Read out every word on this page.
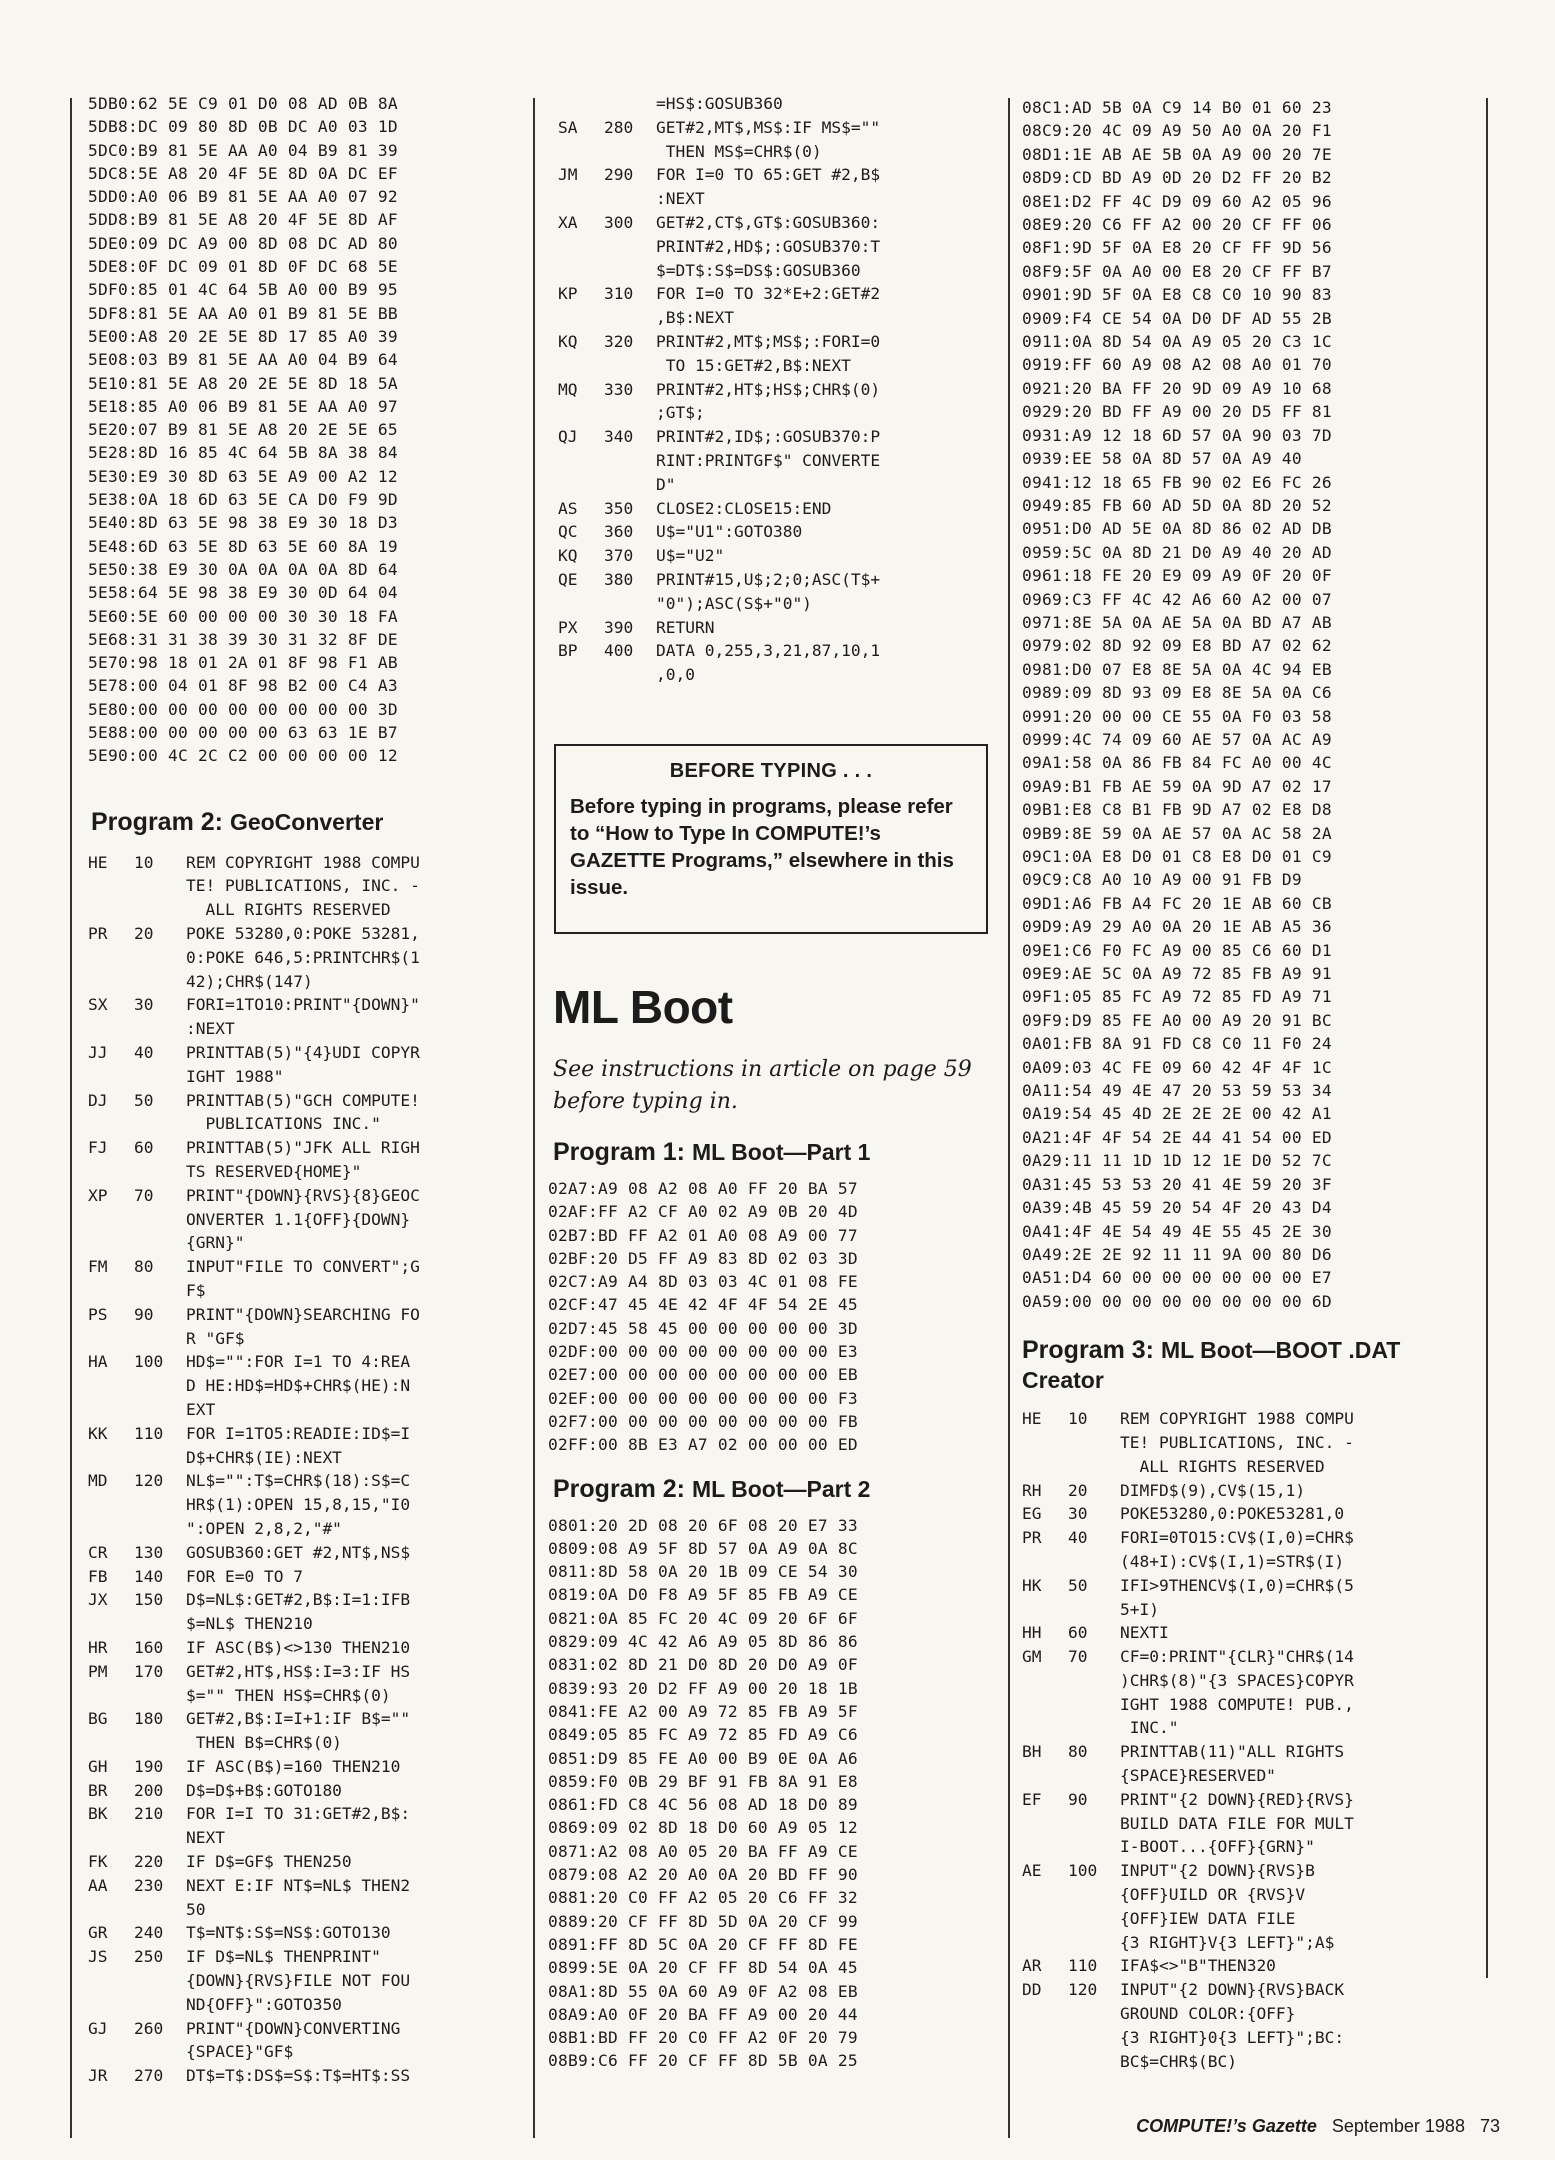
5DB0:62 5E C9 01 D0 08 AD 0B 8A
5DB8:DC 09 80 8D 0B DC A0 03 1D
5DC0:B9 81 5E AA A0 04 B9 81 39
5DC8:5E A8 20 4F 5E 8D 0A DC EF
5DD0:A0 06 B9 81 5E AA A0 07 92
5DD8:B9 81 5E A8 20 4F 5E 8D AF
5DE0:09 DC A9 00 8D 08 DC AD 80
5DE8:0F DC 09 01 8D 0F DC 68 5E
5DF0:85 01 4C 64 5B A0 00 B9 95
5DF8:81 5E AA A0 01 B9 81 5E BB
5E00:A8 20 2E 5E 8D 17 85 A0 39
5E08:03 B9 81 5E AA A0 04 B9 64
5E10:81 5E A8 20 2E 5E 8D 18 5A
5E18:85 A0 06 B9 81 5E AA A0 97
5E20:07 B9 81 5E A8 20 2E 5E 65
5E28:8D 16 85 4C 64 5B 8A 38 84
5E30:E9 30 8D 63 5E A9 00 A2 12
5E38:0A 18 6D 63 5E CA D0 F9 9D
5E40:8D 63 5E 98 38 E9 30 18 D3
5E48:6D 63 5E 8D 63 5E 60 8A 19
5E50:38 E9 30 0A 0A 0A 0A 8D 64
5E58:64 5E 98 38 E9 30 0D 64 04
5E60:5E 60 00 00 00 30 30 18 FA
5E68:31 31 38 39 30 31 32 8F DE
5E70:98 18 01 2A 01 8F 98 F1 AB
5E78:00 04 01 8F 98 B2 00 C4 A3
5E80:00 00 00 00 00 00 00 00 3D
5E88:00 00 00 00 00 63 63 1E B7
5E90:00 4C 2C C2 00 00 00 00 12
Program 2: GeoConverter
HE	10	REM COPYRIGHT 1988 COMPU
TE! PUBLICATIONS, INC. -
ALL RIGHTS RESERVED
PR	20	POKE 53280,0:POKE 53281,
0:POKE 646,5:PRINTCHR$(1
42);CHR$(147)
SX	30	FORI=1TO10:PRINT"{DOWN}"
:NEXT
JJ	40	PRINTTAB(5)"{4}UDI COPYR
IGHT 1988"
DJ	50	PRINTTAB(5)"GCH COMPUTE!
PUBLICATIONS INC."
FJ	60	PRINTTAB(5)"JFK ALL RIGH
TS RESERVED{HOME}"
XP	70	PRINT"{DOWN}{RVS}{8}GEOC
ONVERTER 1.1{OFF}{DOWN}
{GRN}"
FM	80	INPUT"FILE TO CONVERT";G
F$
PS	90	PRINT"{DOWN}SEARCHING FO
R "GF$
HA	100	HD$="":FOR I=1 TO 4:REA
D HE:HD$=HD$+CHR$(HE):N
EXT
KK	110	FOR I=1TO5:READIE:ID$=I
D$+CHR$(IE):NEXT
MD	120	NL$="":T$=CHR$(18):S$=C
HR$(1):OPEN 15,8,15,"I0
":OPEN 2,8,2,"#"
CR	130	GOSUB360:GET #2,NT$,NS$
FB	140	FOR E=0 TO 7
JX	150	D$=NL$:GET#2,B$:I=1:IFB
$=NL$ THEN210
HR	160	IF ASC(B$)<>130 THEN210
PM	170	GET#2,HT$,HS$:I=3:IF HS
$="" THEN HS$=CHR$(0)
BG	180	GET#2,B$:I=I+1:IF B$=""
THEN B$=CHR$(0)
GH	190	IF ASC(B$)=160 THEN210
BR	200	D$=D$+B$:GOTO180
BK	210	FOR I=I TO 31:GET#2,B$:
NEXT
FK	220	IF D$=GF$ THEN250
AA	230	NEXT E:IF NT$=NL$ THEN2
50
GR	240	T$=NT$:S$=NS$:GOTO130
JS	250	IF D$=NL$ THENPRINT"
{DOWN}{RVS}FILE NOT FOU
ND{OFF}":GOTO350
GJ	260	PRINT"{DOWN}CONVERTING
{SPACE}"GF$
JR	270	DT$=T$:DS$=S$:T$=HT$:SS
=HS$:GOSUB360
SA	280	GET#2,MT$,MS$:IF MS$=""
THEN MS$=CHR$(0)
JM	290	FOR I=0 TO 65:GET #2,B$
:NEXT
XA	300	GET#2,CT$,GT$:GOSUB360:
PRINT#2,HD$;:GOSUB370:T
$=DT$:S$=DS$:GOSUB360
KP	310	FOR I=0 TO 32*E+2:GET#2
,B$:NEXT
KQ	320	PRINT#2,MT$;MS$;:FORI=0
TO 15:GET#2,B$:NEXT
MQ	330	PRINT#2,HT$;HS$;CHR$(0)
;GT$;
QJ	340	PRINT#2,ID$;:GOSUB370:P
RINT:PRINTGF$" CONVERTE
D"
AS	350	CLOSE2:CLOSE15:END
QC	360	U$="U1":GOTO380
KQ	370	U$="U2"
QE	380	PRINT#15,U$;2;0;ASC(T$+
"0");ASC(S$+"0")
PX	390	RETURN
BP	400	DATA 0,255,3,21,87,10,1
,0,0
BEFORE TYPING . . .
Before typing in programs, please refer to “How to Type In COMPUTE!’s GAZETTE Programs,” elsewhere in this issue.
ML Boot
See instructions in article on page 59 before typing in.
Program 1: ML Boot—Part 1
02A7:A9 08 A2 08 A0 FF 20 BA 57
02AF:FF A2 CF A0 02 A9 0B 20 4D
02B7:BD FF A2 01 A0 08 A9 00 77
02BF:20 D5 FF A9 83 8D 02 03 3D
02C7:A9 A4 8D 03 03 4C 01 08 FE
02CF:47 45 4E 42 4F 4F 54 2E 45
02D7:45 58 45 00 00 00 00 00 3D
02DF:00 00 00 00 00 00 00 00 E3
02E7:00 00 00 00 00 00 00 00 EB
02EF:00 00 00 00 00 00 00 00 F3
02F7:00 00 00 00 00 00 00 00 FB
02FF:00 8B E3 A7 02 00 00 00 ED
Program 2: ML Boot—Part 2
0801:20 2D 08 20 6F 08 20 E7 33
0809:08 A9 5F 8D 57 0A A9 0A 8C
0811:8D 58 0A 20 1B 09 CE 54 30
0819:0A D0 F8 A9 5F 85 FB A9 CE
0821:0A 85 FC 20 4C 09 20 6F 6F
0829:09 4C 42 A6 A9 05 8D 86 86
0831:02 8D 21 D0 8D 20 D0 A9 0F
0839:93 20 D2 FF A9 00 20 18 1B
0841:FE A2 00 A9 72 85 FB A9 5F
0849:05 85 FC A9 72 85 FD A9 C6
0851:D9 85 FE A0 00 B9 0E 0A A6
0859:F0 0B 29 BF 91 FB 8A 91 E8
0861:FD C8 4C 56 08 AD 18 D0 89
0869:09 02 8D 18 D0 60 A9 05 12
0871:A2 08 A0 05 20 BA FF A9 CE
0879:08 A2 20 A0 0A 20 BD FF 90
0881:20 C0 FF A2 05 20 C6 FF 32
0889:20 CF FF 8D 5D 0A 20 CF 99
0891:FF 8D 5C 0A 20 CF FF 8D FE
0899:5E 0A 20 CF FF 8D 54 0A 45
08A1:8D 55 0A 60 A9 0F A2 08 EB
08A9:A0 0F 20 BA FF A9 00 20 44
08B1:BD FF 20 C0 FF A2 0F 20 79
08B9:C6 FF 20 CF FF 8D 5B 0A 25
08C1:AD 5B 0A C9 14 B0 01 60 23
08C9:20 4C 09 A9 50 A0 0A 20 F1
08D1:1E AB AE 5B 0A A9 00 20 7E
08D9:CD BD A9 0D 20 D2 FF 20 B2
08E1:D2 FF 4C D9 09 60 A2 05 96
08E9:20 C6 FF A2 00 20 CF FF 06
08F1:9D 5F 0A E8 20 CF FF 9D 56
08F9:5F 0A A0 00 E8 20 CF FF B7
0901:9D 5F 0A E8 C8 C0 10 90 83
0909:F4 CE 54 0A D0 DF AD 55 2B
0911:0A 8D 54 0A A9 05 20 C3 1C
0919:FF 60 A9 08 A2 08 A0 01 70
0921:20 BA FF 20 9D 09 A9 10 68
0929:20 BD FF A9 00 20 D5 FF 81
0931:A9 12 18 6D 57 0A 90 03 7D
0939:EE 58 0A 8D 57 0A A9 40
0941:12 18 65 FB 90 02 E6 FC 26
0949:85 FB 60 AD 5D 0A 8D 20 52
0951:D0 AD 5E 0A 8D 86 02 AD DB
0959:5C 0A 8D 21 D0 A9 40 20 AD
0961:18 FE 20 E9 09 A9 0F 20 0F
0969:C3 FF 4C 42 A6 60 A2 00 07
0971:8E 5A 0A AE 5A 0A BD A7 AB
0979:02 8D 92 09 E8 BD A7 02 62
0981:D0 07 E8 8E 5A 0A 4C 94 EB
0989:09 8D 93 09 E8 8E 5A 0A C6
0991:20 00 00 CE 55 0A F0 03 58
0999:4C 74 09 60 AE 57 0A AC A9
09A1:58 0A 86 FB 84 FC A0 00 4C
09A9:B1 FB AE 59 0A 9D A7 02 17
09B1:E8 C8 B1 FB 9D A7 02 E8 D8
09B9:8E 59 0A AE 57 0A AC 58 2A
09C1:0A E8 D0 01 C8 E8 D0 01 C9
09C9:C8 A0 10 A9 00 91 FB D9
09D1:A6 FB A4 FC 20 1E AB 60 CB
09D9:A9 29 A0 0A 20 1E AB A5 36
09E1:C6 F0 FC A9 00 85 C6 60 D1
09E9:AE 5C 0A A9 72 85 FB A9 91
09F1:05 85 FC A9 72 85 FD A9 71
09F9:D9 85 FE A0 00 A9 20 91 BC
0A01:FB 8A 91 FD C8 C0 11 F0 24
0A09:03 4C FE 09 60 42 4F 4F 1C
0A11:54 49 4E 47 20 53 59 53 34
0A19:54 45 4D 2E 2E 2E 00 42 A1
0A21:4F 4F 54 2E 44 41 54 00 ED
0A29:11 11 1D 1D 12 1E D0 52 7C
0A31:45 53 53 20 41 4E 59 20 3F
0A39:4B 45 59 20 54 4F 20 43 D4
0A41:4F 4E 54 49 4E 55 45 2E 30
0A49:2E 2E 92 11 11 9A 00 80 D6
0A51:D4 60 00 00 00 00 00 00 E7
0A59:00 00 00 00 00 00 00 00 6D
Program 3: ML Boot—BOOT .DAT Creator
HE	10	REM COPYRIGHT 1988 COMPU
TE! PUBLICATIONS, INC. -
ALL RIGHTS RESERVED
RH	20	DIMFD$(9),CV$(15,1)
EG	30	POKE53280,0:POKE53281,0
PR	40	FORI=0TO15:CV$(I,0)=CHR$
(48+I):CV$(I,1)=STR$(I)
HK	50	IFI>9THENCV$(I,0)=CHR$(5
5+I)
HH	60	NEXTI
GM	70	CF=0:PRINT"{CLR}"CHR$(14
)CHR$(8)"{3 SPACES}COPYR
IGHT 1988 COMPUTE! PUB.,
INC."
BH	80	PRINTTAB(11)"ALL RIGHTS
{SPACE}RESERVED"
EF	90	PRINT"{2 DOWN}{RED}{RVS}
BUILD DATA FILE FOR MULT
I-BOOT...{OFF}{GRN}"
AE	100	INPUT"{2 DOWN}{RVS}B
{OFF}UILD OR {RVS}V
{OFF}IEW DATA FILE
{3 RIGHT}V{3 LEFT}";A$
AR	110	IFA$<>"B"THEN320
DD	120	INPUT"{2 DOWN}{RVS}BACK
GROUND COLOR:{OFF}
{3 RIGHT}0{3 LEFT}";BC:
BC$=CHR$(BC)
COMPUTE!’s Gazette September 1988 73
